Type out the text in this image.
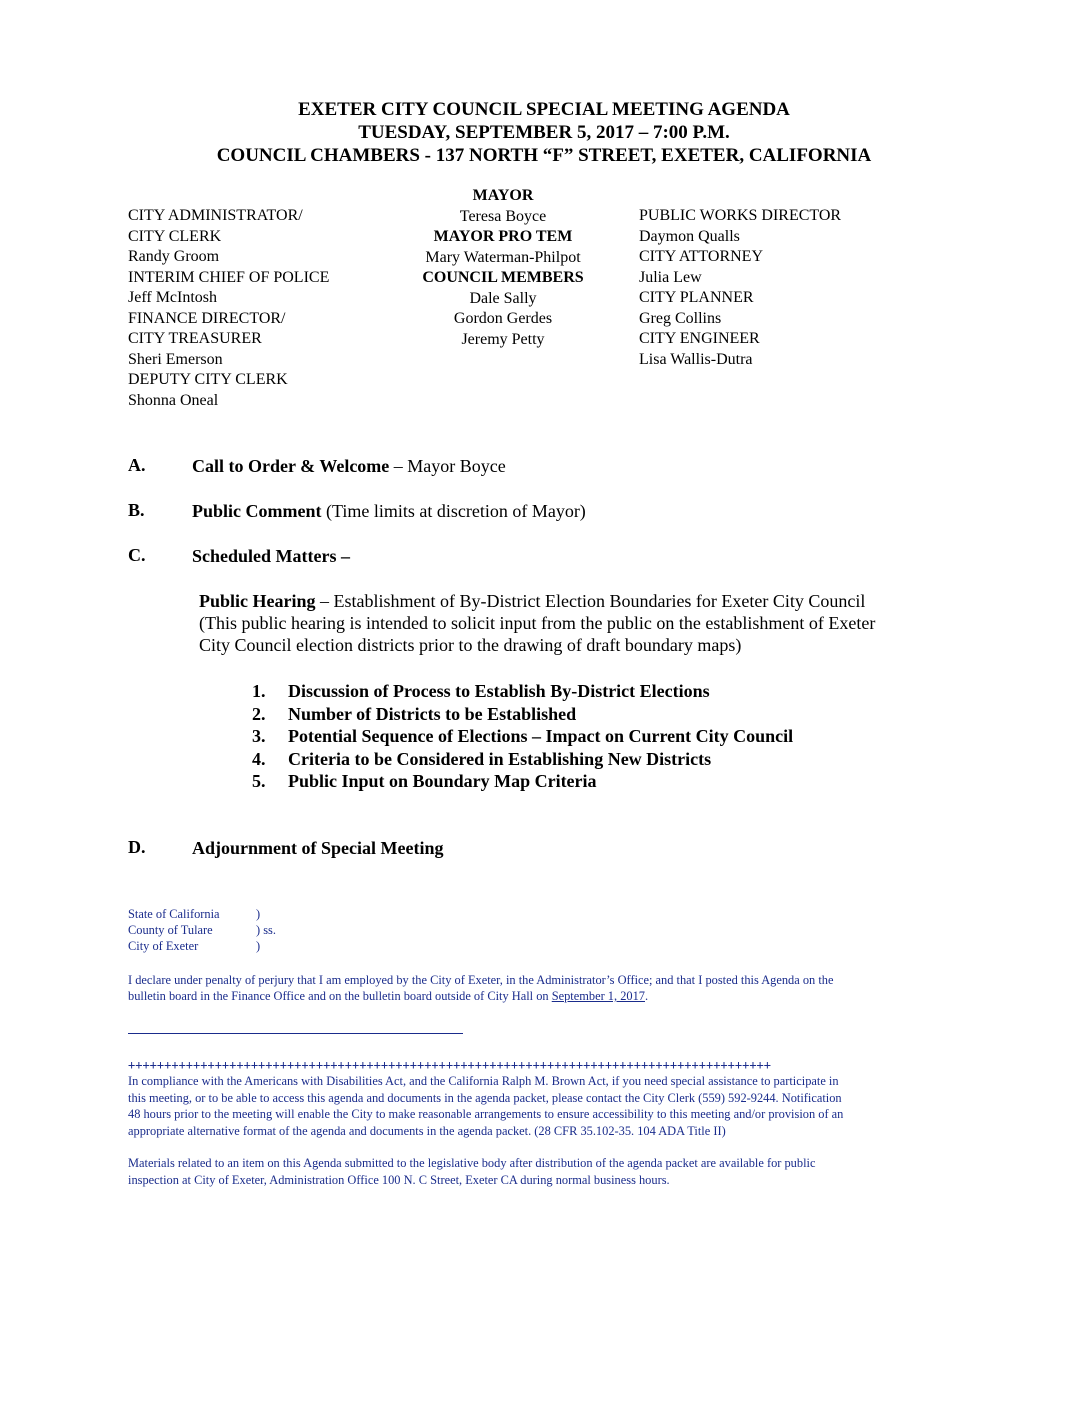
EXETER CITY COUNCIL SPECIAL MEETING AGENDA
TUESDAY, SEPTEMBER 5, 2017 – 7:00 P.M.
COUNCIL CHAMBERS - 137 NORTH “F” STREET, EXETER, CALIFORNIA
CITY ADMINISTRATOR/
CITY CLERK
Randy Groom
INTERIM CHIEF OF POLICE
Jeff McIntosh
FINANCE DIRECTOR/
CITY TREASURER
Sheri Emerson
DEPUTY CITY CLERK
Shonna Oneal
MAYOR
Teresa Boyce
MAYOR PRO TEM
Mary Waterman-Philpot
COUNCIL MEMBERS
Dale Sally
Gordon Gerdes
Jeremy Petty
PUBLIC WORKS DIRECTOR
Daymon Qualls
CITY ATTORNEY
Julia Lew
CITY PLANNER
Greg Collins
CITY ENGINEER
Lisa Wallis-Dutra
A.	Call to Order & Welcome – Mayor Boyce
B.	Public Comment (Time limits at discretion of Mayor)
C.	Scheduled Matters –
Public Hearing – Establishment of By-District Election Boundaries for Exeter City Council
(This public hearing is intended to solicit input from the public on the establishment of Exeter
City Council election districts prior to the drawing of draft boundary maps)
1. Discussion of Process to Establish By-District Elections
2. Number of Districts to be Established
3. Potential Sequence of Elections – Impact on Current City Council
4. Criteria to be Considered in Establishing New Districts
5. Public Input on Boundary Map Criteria
D.	Adjournment of Special Meeting
State of California	)
County of Tulare	) ss.
City of Exeter	)
I declare under penalty of perjury that I am employed by the City of Exeter, in the Administrator’s Office; and that I posted this Agenda on the
bulletin board in the Finance Office and on the bulletin board outside of City Hall on September 1, 2017.
+++++++++++++++++++++++++++++++++++++++++++++++++++++++++++++++++++++++++++++++++++++++++
In compliance with the Americans with Disabilities Act, and the California Ralph M. Brown Act, if you need special assistance to participate in
this meeting, or to be able to access this agenda and documents in the agenda packet, please contact the City Clerk (559) 592-9244. Notification
48 hours prior to the meeting will enable the City to make reasonable arrangements to ensure accessibility to this meeting and/or provision of an
appropriate alternative format of the agenda and documents in the agenda packet. (28 CFR 35.102-35. 104 ADA Title II)
Materials related to an item on this Agenda submitted to the legislative body after distribution of the agenda packet are available for public
inspection at City of Exeter, Administration Office 100 N. C Street, Exeter CA during normal business hours.
